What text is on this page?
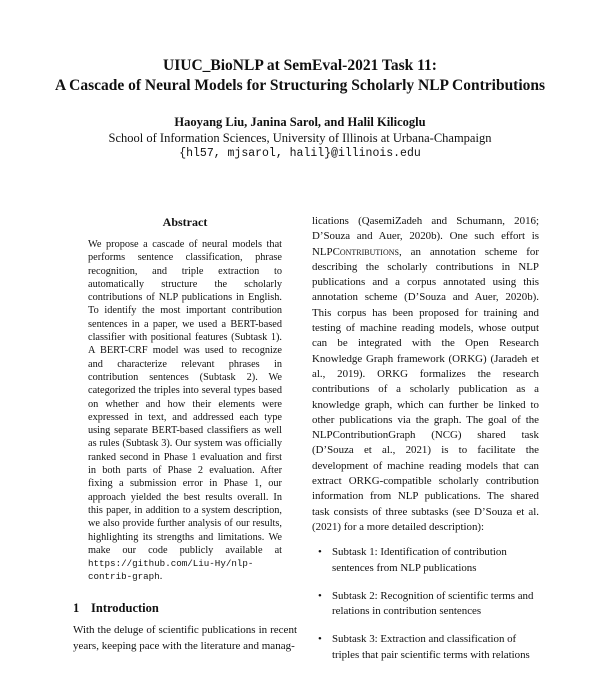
UIUC_BioNLP at SemEval-2021 Task 11:

A Cascade of Neural Models for Structuring Scholarly NLP Contributions

Haoyang Liu, Janina Sarol, and Halil Kilicoglu
School of Information Sciences, University of Illinois at Urbana-Champaign
{hl57, mjsarol, halil}@illinois.edu
Abstract

We propose a cascade of neural models that performs sentence classification, phrase recognition, and triple extraction to automatically structure the scholarly contributions of NLP publications in English. To identify the most important contribution sentences in a paper, we used a BERT-based classifier with positional features (Subtask 1). A BERT-CRF model was used to recognize and characterize relevant phrases in contribution sentences (Subtask 2). We categorized the triples into several types based on whether and how their elements were expressed in text, and addressed each type using separate BERT-based classifiers as well as rules (Subtask 3). Our system was officially ranked second in Phase 1 evaluation and first in both parts of Phase 2 evaluation. After fixing a submission error in Phase 1, our approach yielded the best results overall. In this paper, in addition to a system description, we also provide further analysis of our results, highlighting its strengths and limitations. We make our code publicly available at https://github.com/Liu-Hy/nlp-contrib-graph.

1 Introduction

With the deluge of scientific publications in recent years, keeping pace with the literature and manag-

lications (QasemiZadeh and Schumann, 2016; D’Souza and Auer, 2020b). One such effort is NLPContributions, an annotation scheme for describing the scholarly contributions in NLP publications and a corpus annotated using this annotation scheme (D’Souza and Auer, 2020b). This corpus has been proposed for training and testing of machine reading models, whose output can be integrated with the Open Research Knowledge Graph framework (ORKG) (Jaradeh et al., 2019). ORKG formalizes the research contributions of a scholarly publication as a knowledge graph, which can further be linked to other publications via the graph. The goal of the NLPContributionGraph (NCG) shared task (D’Souza et al., 2021) is to facilitate the development of machine reading models that can extract ORKG-compatible scholarly contribution information from NLP publications. The shared task consists of three subtasks (see D’Souza et al. (2021) for a more detailed description):

• Subtask 1: Identification of contribution sentences from NLP publications
• Subtask 2: Recognition of scientific terms and relations in contribution sentences
• Subtask 3: Extraction and classification of triples that pair scientific terms with relations
